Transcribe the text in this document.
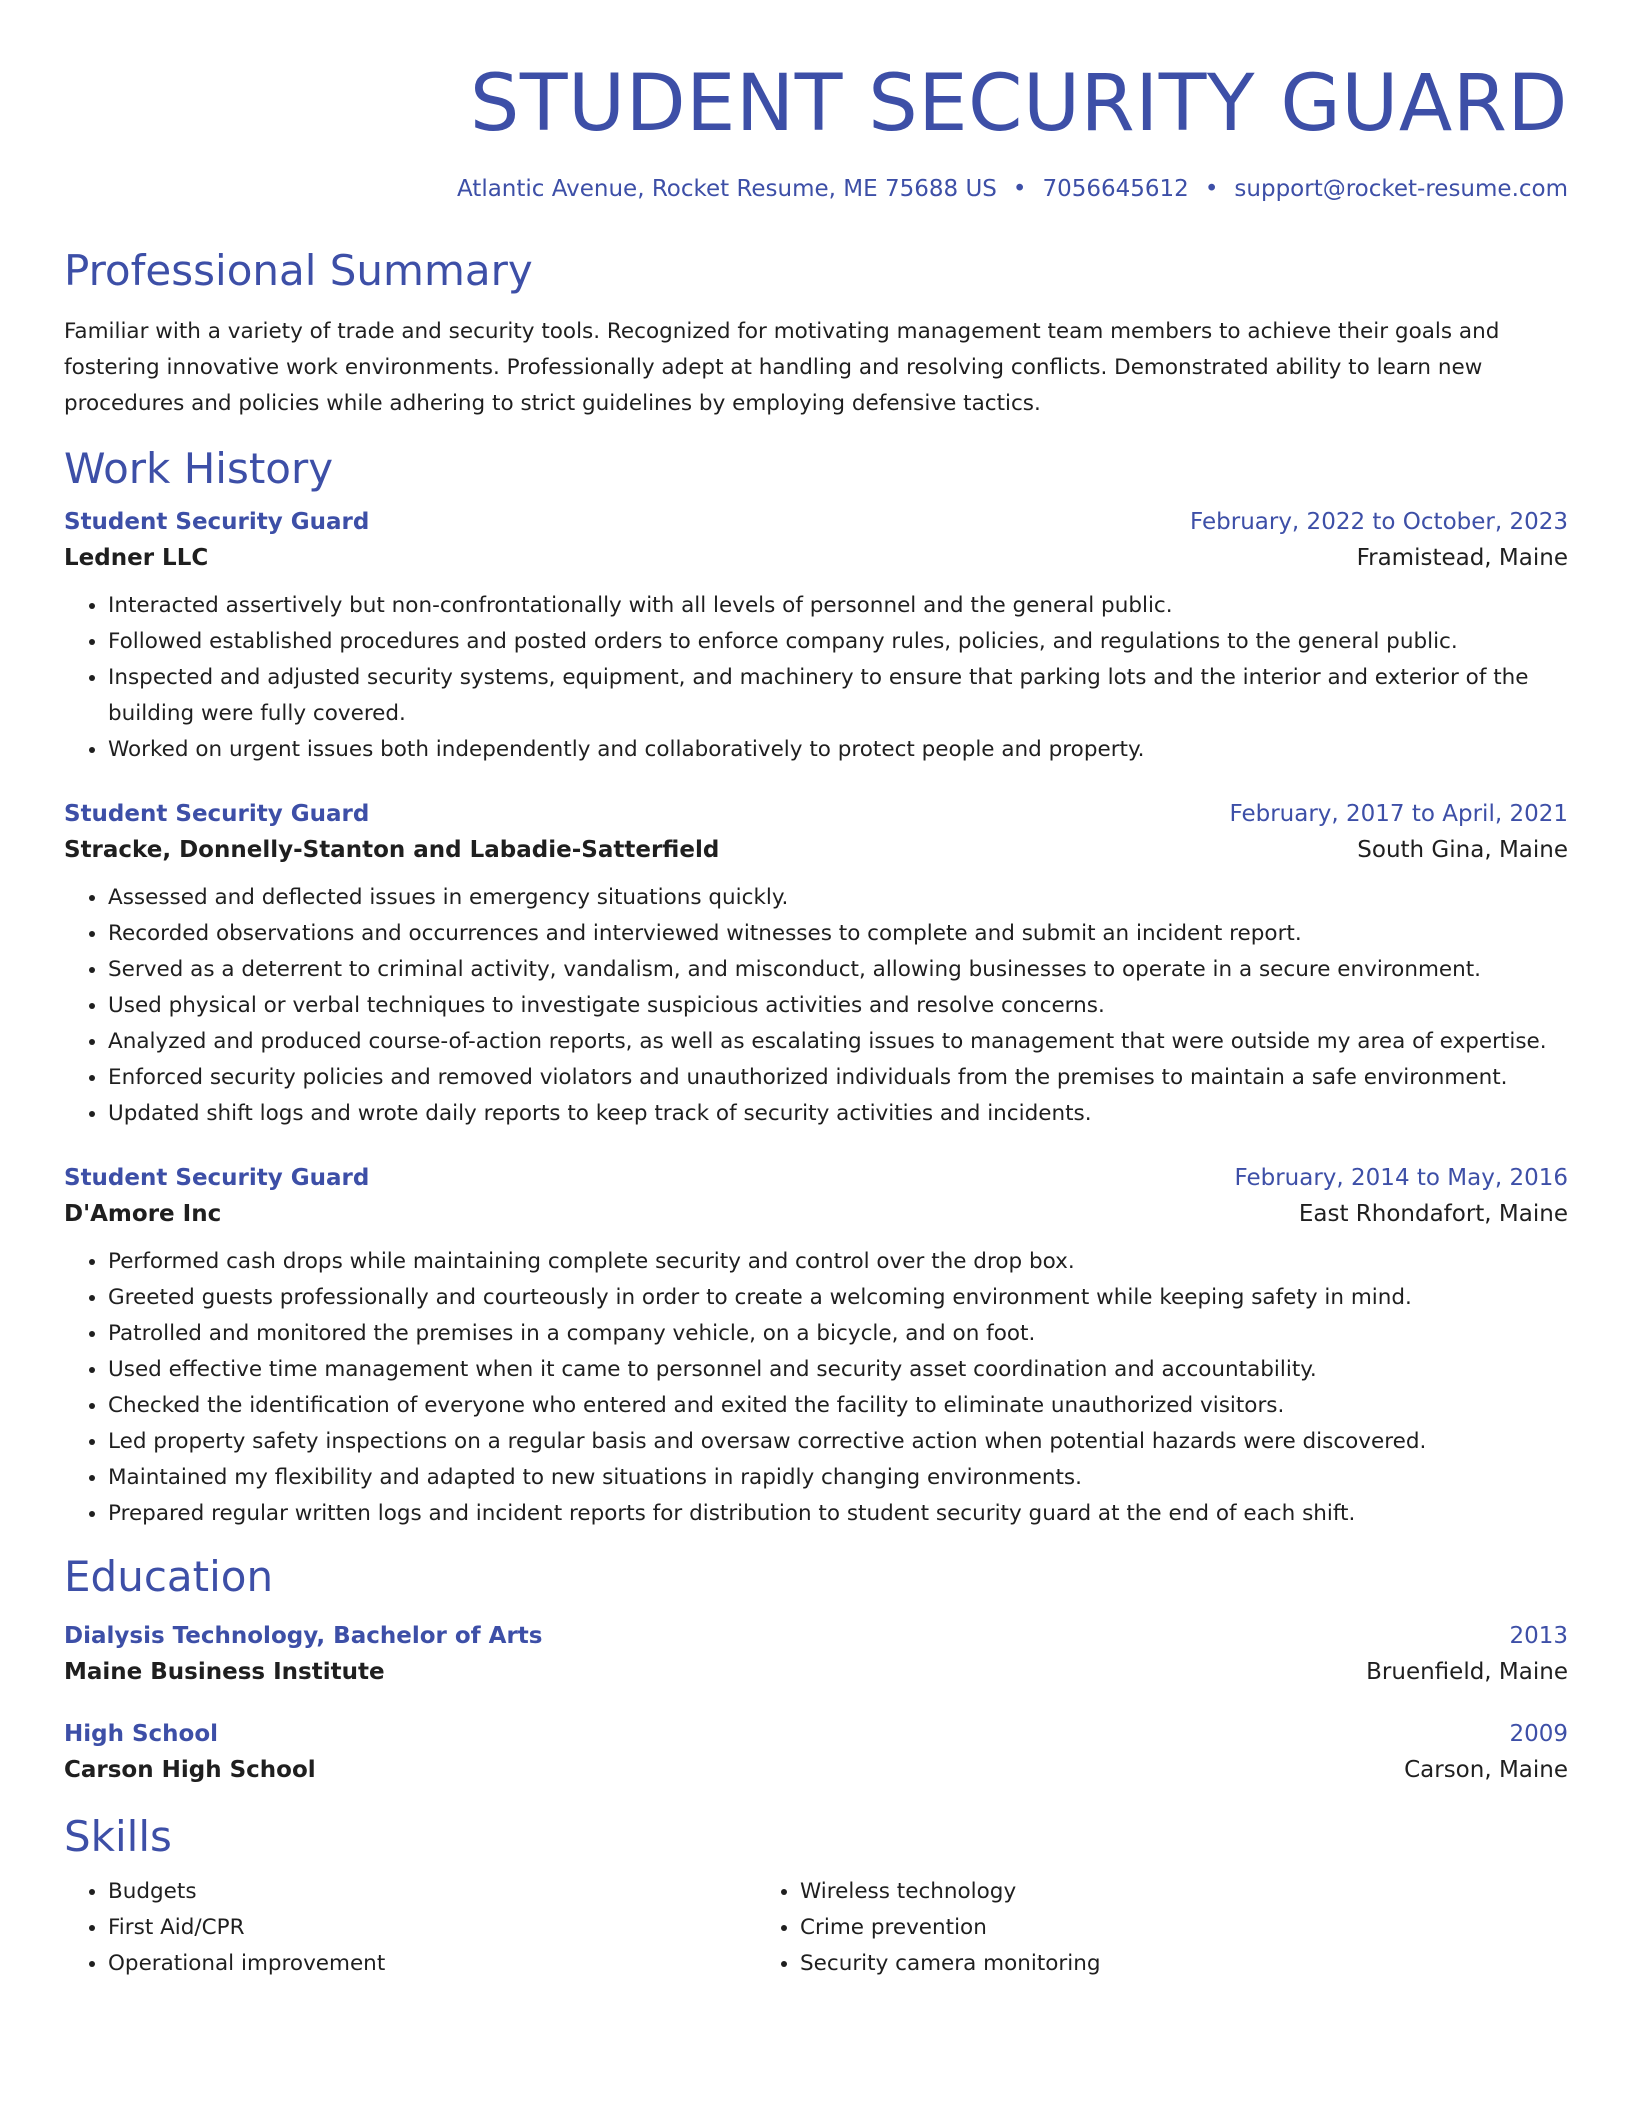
STUDENT SECURITY GUARD
Atlantic Avenue, Rocket Resume, ME 75688 US • 7056645612 • support@rocket-resume.com
Professional Summary
Familiar with a variety of trade and security tools. Recognized for motivating management team members to achieve their goals and fostering innovative work environments. Professionally adept at handling and resolving conflicts. Demonstrated ability to learn new procedures and policies while adhering to strict guidelines by employing defensive tactics.
Work History
Student Security Guard	February, 2022 to October, 2023
Ledner LLC	Framistead, Maine
• Interacted assertively but non-confrontationally with all levels of personnel and the general public.
• Followed established procedures and posted orders to enforce company rules, policies, and regulations to the general public.
• Inspected and adjusted security systems, equipment, and machinery to ensure that parking lots and the interior and exterior of the building were fully covered.
• Worked on urgent issues both independently and collaboratively to protect people and property.
Student Security Guard	February, 2017 to April, 2021
Stracke, Donnelly-Stanton and Labadie-Satterfield	South Gina, Maine
• Assessed and deflected issues in emergency situations quickly.
• Recorded observations and occurrences and interviewed witnesses to complete and submit an incident report.
• Served as a deterrent to criminal activity, vandalism, and misconduct, allowing businesses to operate in a secure environment.
• Used physical or verbal techniques to investigate suspicious activities and resolve concerns.
• Analyzed and produced course-of-action reports, as well as escalating issues to management that were outside my area of expertise.
• Enforced security policies and removed violators and unauthorized individuals from the premises to maintain a safe environment.
• Updated shift logs and wrote daily reports to keep track of security activities and incidents.
Student Security Guard	February, 2014 to May, 2016
D'Amore Inc	East Rhondafort, Maine
• Performed cash drops while maintaining complete security and control over the drop box.
• Greeted guests professionally and courteously in order to create a welcoming environment while keeping safety in mind.
• Patrolled and monitored the premises in a company vehicle, on a bicycle, and on foot.
• Used effective time management when it came to personnel and security asset coordination and accountability.
• Checked the identification of everyone who entered and exited the facility to eliminate unauthorized visitors.
• Led property safety inspections on a regular basis and oversaw corrective action when potential hazards were discovered.
• Maintained my flexibility and adapted to new situations in rapidly changing environments.
• Prepared regular written logs and incident reports for distribution to student security guard at the end of each shift.
Education
Dialysis Technology, Bachelor of Arts	2013
Maine Business Institute	Bruenfield, Maine
High School	2009
Carson High School	Carson, Maine
Skills
• Budgets
• First Aid/CPR
• Operational improvement
• Wireless technology
• Crime prevention
• Security camera monitoring
